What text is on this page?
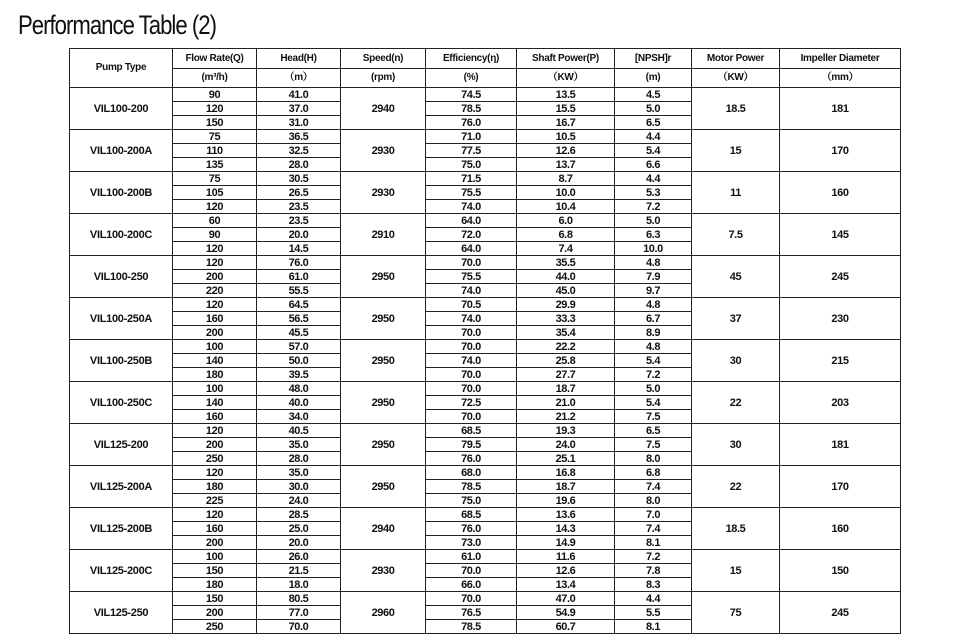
Performance Table (2)
Pump Type	Flow Rate(Q)	Head(H)	Speed(n)	Efficiency(η)	Shaft Power(P)	[NPSH]r	Motor Power	Impeller Diameter
	(m³/h)	（m）	(rpm)	(%)	（KW）	(m)	（KW）	（mm）
VIL100-200	90	41.0	2940	74.5	13.5	4.5	18.5	181
	120	37.0		78.5	15.5	5.0		
	150	31.0		76.0	16.7	6.5		
VIL100-200A	75	36.5	2930	71.0	10.5	4.4	15	170
	110	32.5		77.5	12.6	5.4		
	135	28.0		75.0	13.7	6.6		
VIL100-200B	75	30.5	2930	71.5	8.7	4.4	11	160
	105	26.5		75.5	10.0	5.3		
	120	23.5		74.0	10.4	7.2		
VIL100-200C	60	23.5	2910	64.0	6.0	5.0	7.5	145
	90	20.0		72.0	6.8	6.3		
	120	14.5		64.0	7.4	10.0		
VIL100-250	120	76.0	2950	70.0	35.5	4.8	45	245
	200	61.0		75.5	44.0	7.9		
	220	55.5		74.0	45.0	9.7		
VIL100-250A	120	64.5	2950	70.5	29.9	4.8	37	230
	160	56.5		74.0	33.3	6.7		
	200	45.5		70.0	35.4	8.9		
VIL100-250B	100	57.0	2950	70.0	22.2	4.8	30	215
	140	50.0		74.0	25.8	5.4		
	180	39.5		70.0	27.7	7.2		
VIL100-250C	100	48.0	2950	70.0	18.7	5.0	22	203
	140	40.0		72.5	21.0	5.4		
	160	34.0		70.0	21.2	7.5		
VIL125-200	120	40.5	2950	68.5	19.3	6.5	30	181
	200	35.0		79.5	24.0	7.5		
	250	28.0		76.0	25.1	8.0		
VIL125-200A	120	35.0	2950	68.0	16.8	6.8	22	170
	180	30.0		78.5	18.7	7.4		
	225	24.0		75.0	19.6	8.0		
VIL125-200B	120	28.5	2940	68.5	13.6	7.0	18.5	160
	160	25.0		76.0	14.3	7.4		
	200	20.0		73.0	14.9	8.1		
VIL125-200C	100	26.0	2930	61.0	11.6	7.2	15	150
	150	21.5		70.0	12.6	7.8		
	180	18.0		66.0	13.4	8.3		
VIL125-250	150	80.5	2960	70.0	47.0	4.4	75	245
	200	77.0		76.5	54.9	5.5		
	250	70.0		78.5	60.7	8.1		
